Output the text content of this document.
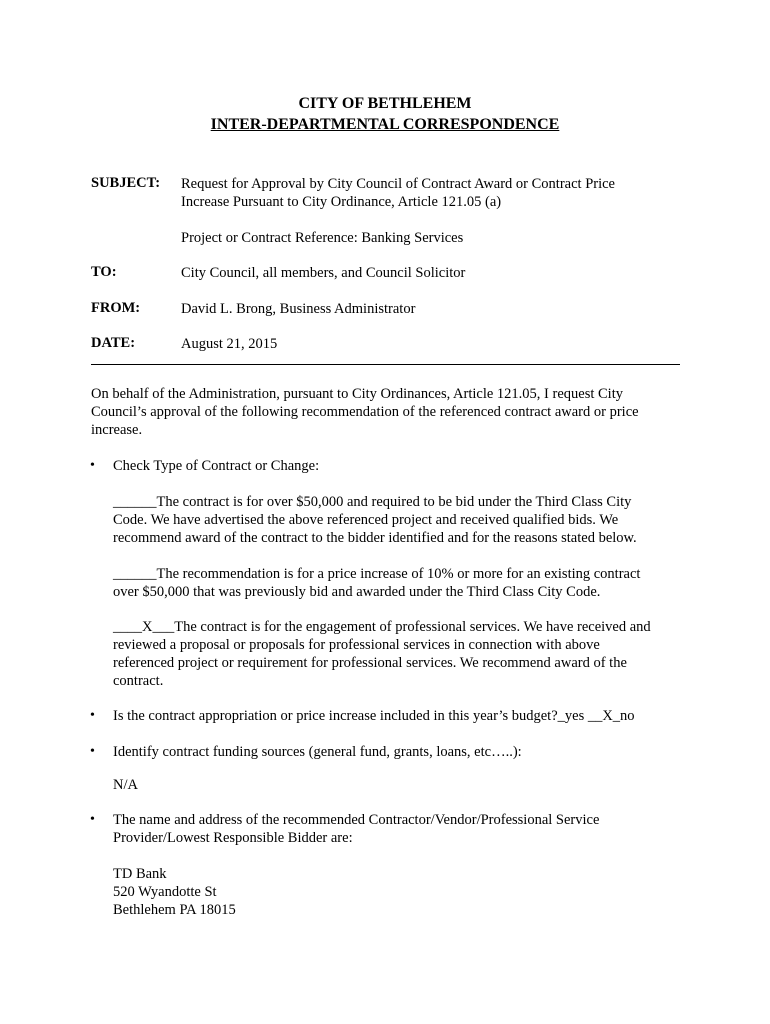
CITY OF BETHLEHEM
INTER-DEPARTMENTAL CORRESPONDENCE
SUBJECT: Request for Approval by City Council of Contract Award or Contract Price
Increase Pursuant to City Ordinance, Article 121.05 (a)
Project or Contract Reference: Banking Services
TO:	City Council, all members, and Council Solicitor
FROM:	David L. Brong, Business Administrator
DATE:	August 21, 2015
On behalf of the Administration, pursuant to City Ordinances, Article 121.05, I request City
Council’s approval of the following recommendation of the referenced contract award or price
increase.
• Check Type of Contract or Change:
______The contract is for over $50,000 and required to be bid under the Third Class City
Code. We have advertised the above referenced project and received qualified bids. We
recommend award of the contract to the bidder identified and for the reasons stated below.
______The recommendation is for a price increase of 10% or more for an existing contract
over $50,000 that was previously bid and awarded under the Third Class City Code.
____X___The contract is for the engagement of professional services. We have received and
reviewed a proposal or proposals for professional services in connection with above
referenced project or requirement for professional services. We recommend award of the
contract.
• Is the contract appropriation or price increase included in this year’s budget?_yes __X_no
• Identify contract funding sources (general fund, grants, loans, etc…..):
N/A
• The name and address of the recommended Contractor/Vendor/Professional Service
Provider/Lowest Responsible Bidder are:
TD Bank
520 Wyandotte St
Bethlehem PA 18015
